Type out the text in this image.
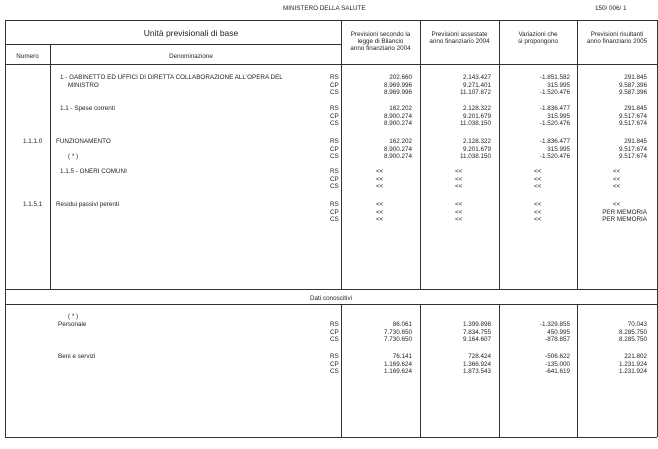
MINISTERO DELLA SALUTE	150/ 006/ 1
Unità previsionali di base
Numero	Denominazione
Previsioni secondo la
legge di Bilancio
anno finanziario 2004
Previsioni assestate
anno finanziario 2004
Variazioni che
si propongono
Previsioni risultanti
anno finanziario 2005
1 - GABINETTO ED UFFICI DI DIRETTA COLLABORAZIONE ALL'OPERA DEL
MINISTRO
RS	202.660	2.143.427	-1.851.582	291.845
CP	8.969.996	9.271.401	315.995	9.587.396
CS	8.969.996	11.107.872	-1.520.476	9.587.396
1.1 - Spese correnti	RS	162.202	2.128.322	-1.836.477	291.845
CP	8.900.274	9.201.679	315.995	9.517.674
CS	8.900.274	11.038.150	-1.520.476	9.517.674
1.1.1.0 FUNZIONAMENTO
( * )
RS	162.202	2.128.322	-1.836.477	291.845
CP	8.900.274	9.201.679	315.995	9.517.674
CS	8.900.274	11.038.150	-1.520.476	9.517.674
1.1.5 - ONERI COMUNI	RS	<<	<<	<<	<<
CP	<<	<<	<<	<<
CS	<<	<<	<<	<<
1.1.5.1 Residui passivi perenti	RS	<<	<<	<<	<<
CP	<<	<<	<<	PER MEMORIA
CS	<<	<<	<<	PER MEMORIA
Dati conoscitivi
( * )
Personale	RS	86.061	1.399.898	-1.329.855	70.043
CP	7.730.650	7.834.755	450.995	8.285.750
CS	7.730.650	9.164.607	-878.857	8.285.750
Beni e servizi	RS	76.141	728.424	-506.622	221.802
CP	1.169.624	1.366.924	-135.000	1.231.924
CS	1.169.624	1.873.543	-641.619	1.231.924
